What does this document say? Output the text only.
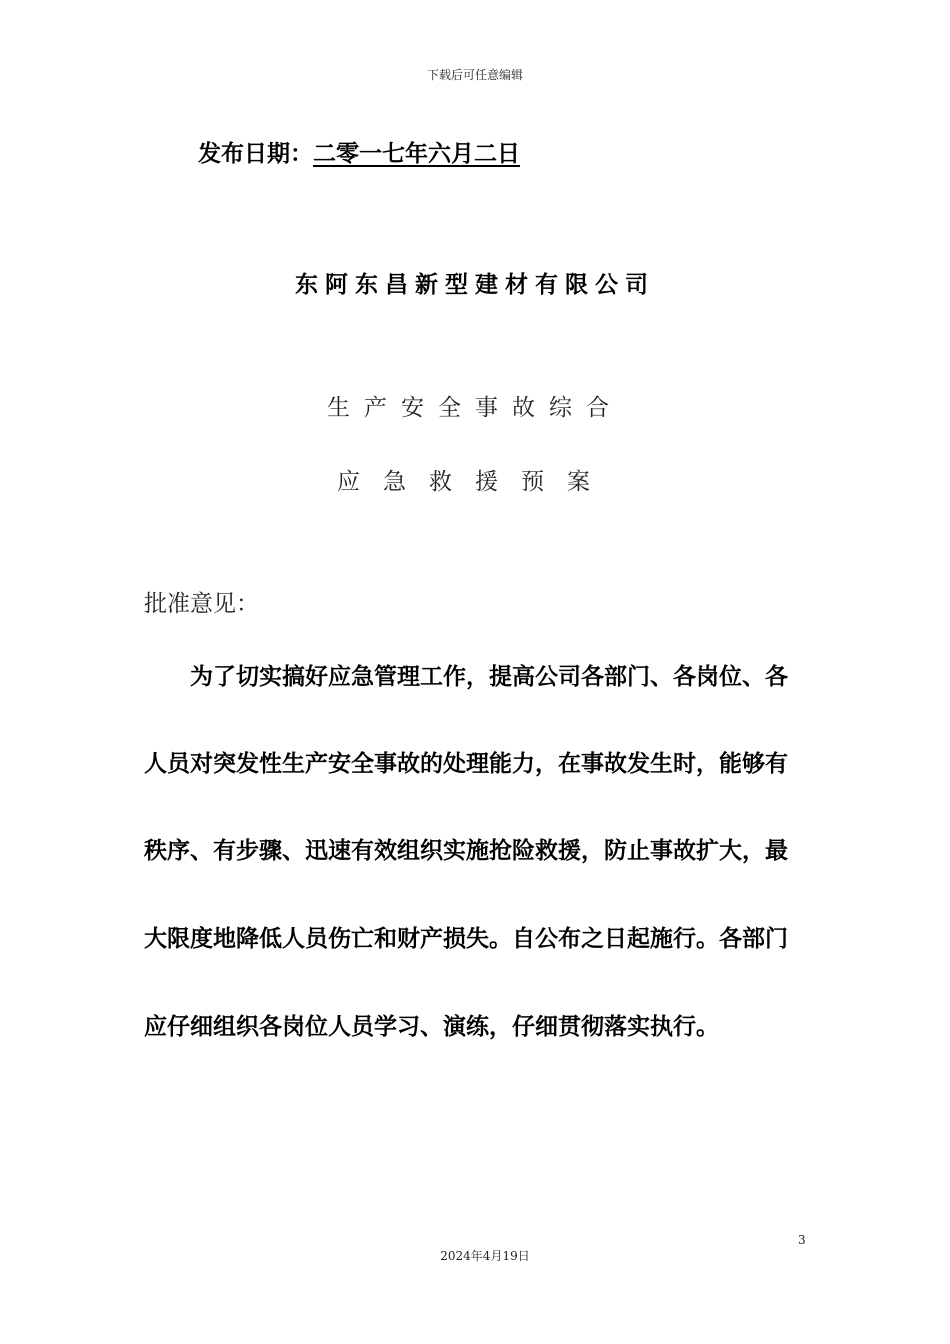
下载后可任意编辑
发布日期：二零一七年六月二日
东阿东昌新型建材有限公司
生产安全事故综合
应急救援预案
批准意见：
为了切实搞好应急管理工作，提高公司各部门、各岗位、各
人员对突发性生产安全事故的处理能力，在事故发生时，能够有
秩序、有步骤、迅速有效组织实施抢险救援，防止事故扩大，最
大限度地降低人员伤亡和财产损失。自公布之日起施行。各部门
应仔细组织各岗位人员学习、演练，仔细贯彻落实执行。
3
2024年4月19日
